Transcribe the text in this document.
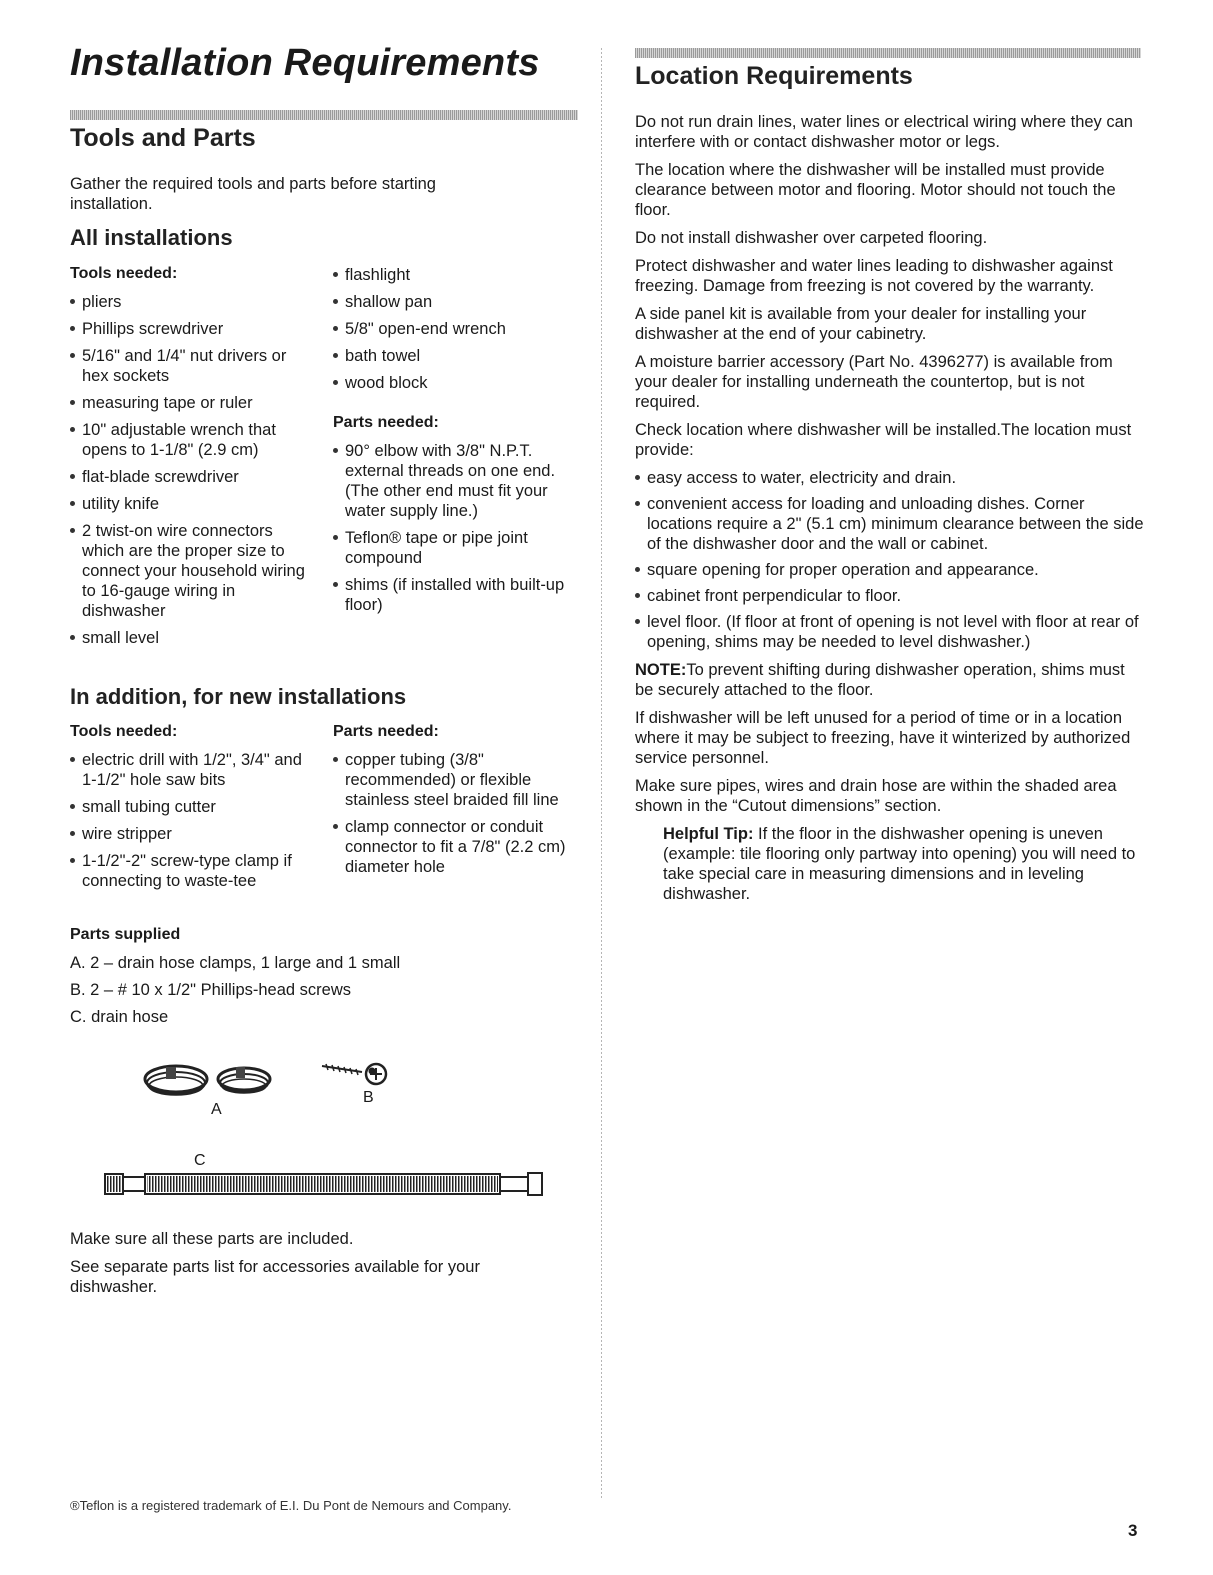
Installation Requirements
Tools and Parts

Gather the required tools and parts before starting installation.

All installations

Tools needed:

pliers
Phillips screwdriver
5/16" and 1/4" nut drivers or hex sockets
measuring tape or ruler
10" adjustable wrench that opens to 1-1/8" (2.9 cm)
flat-blade screwdriver
utility knife
2 twist-on wire connectors which are the proper size to connect your household wiring to 16-gauge wiring in dishwasher
small level
flashlight
shallow pan
5/8" open-end wrench
bath towel
wood block

Parts needed:

90° elbow with 3/8" N.P.T. external threads on one end. (The other end must fit your water supply line.)
Teflon® tape or pipe joint compound
shims (if installed with built-up floor)
In addition, for new installations

Tools needed:

electric drill with 1/2", 3/4" and 1-1/2" hole saw bits
small tubing cutter
wire stripper
1-1/2"-2" screw-type clamp if connecting to waste-tee

Parts needed:

copper tubing (3/8" recommended) or flexible stainless steel braided fill line
clamp connector or conduit connector to fit a 7/8" (2.2 cm) diameter hole

Parts supplied

A. 2 – drain hose clamps, 1 large and 1 small

B. 2 – # 10 x 1/2" Phillips-head screws

C. drain hose

A
B
C

Make sure all these parts are included.

See separate parts list for accessories available for your dishwasher.

®Teflon is a registered trademark of E.I. Du Pont de Nemours and Company.

Location Requirements

Do not run drain lines, water lines or electrical wiring where they can interfere with or contact dishwasher motor or legs.

The location where the dishwasher will be installed must provide clearance between motor and flooring. Motor should not touch the floor.

Do not install dishwasher over carpeted flooring.

Protect dishwasher and water lines leading to dishwasher against freezing. Damage from freezing is not covered by the warranty.

A side panel kit is available from your dealer for installing your dishwasher at the end of your cabinetry.

A moisture barrier accessory (Part No. 4396277) is available from your dealer for installing underneath the countertop, but is not required.

Check location where dishwasher will be installed.The location must provide:

easy access to water, electricity and drain.
convenient access for loading and unloading dishes. Corner locations require a 2" (5.1 cm) minimum clearance between the side of the dishwasher door and the wall or cabinet.
square opening for proper operation and appearance.
cabinet front perpendicular to floor.
level floor. (If floor at front of opening is not level with floor at rear of opening, shims may be needed to level dishwasher.)

NOTE:To prevent shifting during dishwasher operation, shims must be securely attached to the floor.

If dishwasher will be left unused for a period of time or in a location where it may be subject to freezing, have it winterized by authorized service personnel.

Make sure pipes, wires and drain hose are within the shaded area shown in the “Cutout dimensions” section.

Helpful Tip: If the floor in the dishwasher opening is uneven (example: tile flooring only partway into opening) you will need to take special care in measuring dimensions and in leveling dishwasher.

3
